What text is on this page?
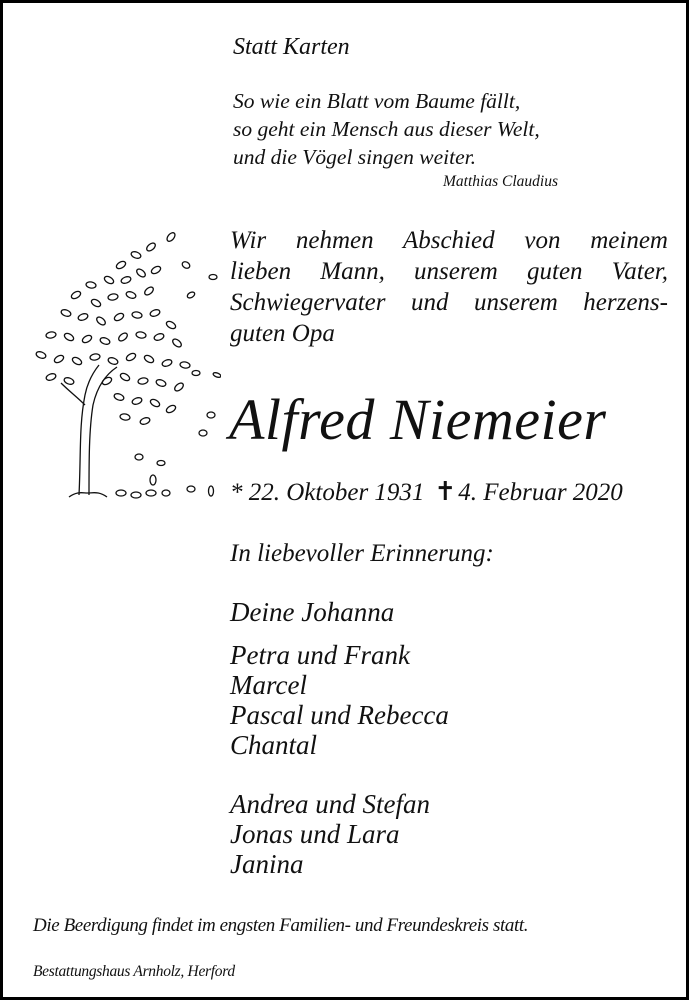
Statt Karten

So wie ein Blatt vom Baume fällt,
so geht ein Mensch aus dieser Welt,
und die Vögel singen weiter.

Matthias Claudius

Wir nehmen Abschied von meinem
lieben Mann, unserem guten Vater,
Schwiegervater und unserem herzens-
guten Opa

Alfred Niemeier

* 22. Oktober 1931 ✝4. Februar 2020

In liebevoller Erinnerung:

Deine Johanna
Petra und Frank
Marcel
Pascal und Rebecca
Chantal
Andrea und Stefan
Jonas und Lara
Janina

Die Beerdigung findet im engsten Familien- und Freundeskreis statt.

Bestattungshaus Arnholz, Herford
